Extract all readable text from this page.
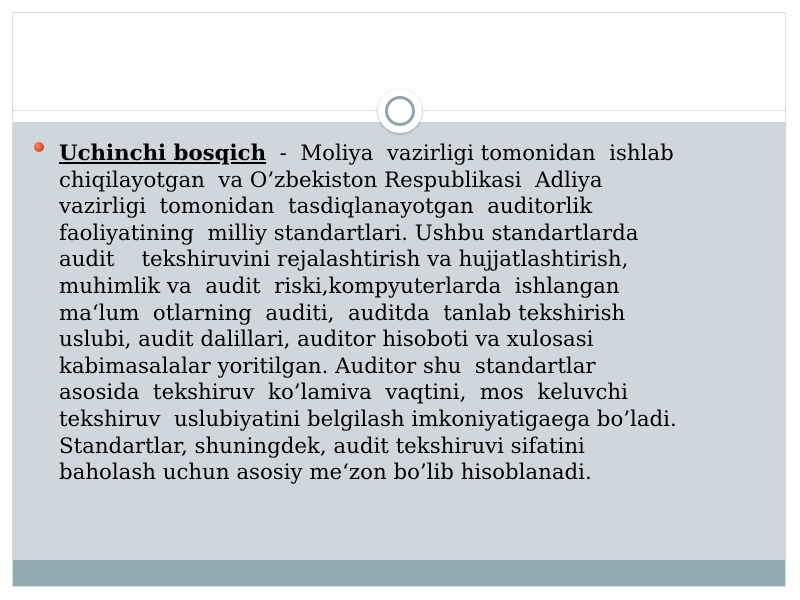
Uchinchi bosqich  -  Moliya  vazirligi tomonidan  ishlab
chiqilayotgan  va O’zbekiston Respublikasi  Adliya
vazirligi  tomonidan  tasdiqlanayotgan  auditorlik
faoliyatining  milliy standartlari. Ushbu standartlarda
audit    tekshiruvini rejalashtirish va hujjatlashtirish,
muhimlik va  audit  riski,kompyuterlarda  ishlangan
ma‘lum  otlarning  auditi,  auditda  tanlab tekshirish
uslubi, audit dalillari, auditor hisoboti va xulosasi
kabimasalalar yoritilgan. Auditor shu  standartlar
asosida  tekshiruv  ko’lamiva  vaqtini,  mos  keluvchi
tekshiruv  uslubiyatini belgilash imkoniyatigaega bo’ladi.
Standartlar, shuningdek, audit tekshiruvi sifatini
baholash uchun asosiy me‘zon bo’lib hisoblanadi.
